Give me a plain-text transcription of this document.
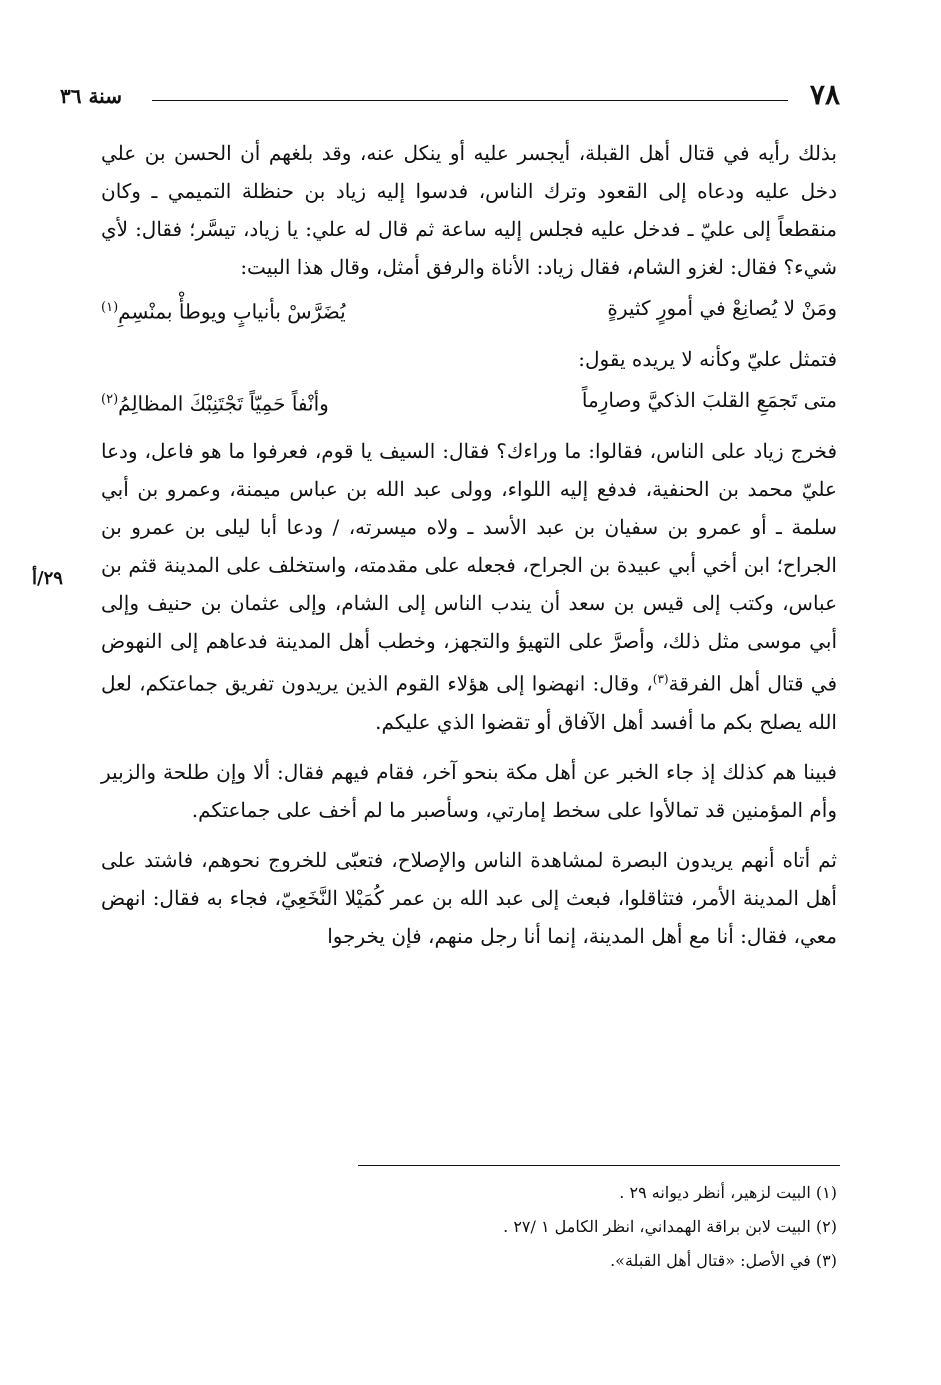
٧٨
سنة ٣٦
٢٩/أ

بذلك رأيه في قتال أهل القبلة، أيجسر عليه أو ينكل عنه، وقد بلغهم أن الحسن بن علي دخل عليه ودعاه إلى القعود وترك الناس، فدسوا إليه زياد بن حنظلة التميمي ـ وكان منقطعاً إلى عليّ ـ فدخل عليه فجلس إليه ساعة ثم قال له علي: يا زياد، تيسَّر؛ فقال: لأي شيء؟ فقال: لغزو الشام، فقال زياد: الأناة والرفق أمثل، وقال هذا البيت:

ومَنْ لا يُصانِعْ في أمورٍ كثيرةٍ
يُضَرَّسْ بأنيابٍ ويوطأْ بمنْسِمِ$^{(١)}$

فتمثل عليّ وكأنه لا يريده يقول:

متى تَجمَعِ القلبَ الذكيَّ وصارِماً
وأنْفاً حَمِيّاً تَجْتَنِبْكَ المظالِمُ$^{(٢)}$

فخرج زياد على الناس، فقالوا: ما وراءك؟ فقال: السيف يا قوم، فعرفوا ما هو فاعل، ودعا عليّ محمد بن الحنفية، فدفع إليه اللواء، وولى عبد الله بن عباس ميمنة، وعمرو بن أبي سلمة ـ أو عمرو بن سفيان بن عبد الأسد ـ ولاه ميسرته، / ودعا أبا ليلى بن عمرو بن الجراح؛ ابن أخي أبي عبيدة بن الجراح، فجعله على مقدمته، واستخلف على المدينة قثم بن عباس، وكتب إلى قيس بن سعد أن يندب الناس إلى الشام، وإلى عثمان بن حنيف وإلى أبي موسى مثل ذلك، وأصرَّ على التهيؤ والتجهز، وخطب أهل المدينة فدعاهم إلى النهوض في قتال أهل الفرقة$^{(٣)}$، وقال: انهضوا إلى هؤلاء القوم الذين يريدون تفريق جماعتكم، لعل الله يصلح بكم ما أفسد أهل الآفاق أو تقضوا الذي عليكم.

فبينا هم كذلك إذ جاء الخبر عن أهل مكة بنحو آخر، فقام فيهم فقال: ألا وإن طلحة والزبير وأم المؤمنين قد تمالأوا على سخط إمارتي، وسأصبر ما لم أخف على جماعتكم.

ثم أتاه أنهم يريدون البصرة لمشاهدة الناس والإصلاح، فتعبّى للخروج نحوهم، فاشتد على أهل المدينة الأمر، فتثاقلوا، فبعث إلى عبد الله بن عمر كُمَيْلا النَّخَعِيّ، فجاء به فقال: انهض معي، فقال: أنا مع أهل المدينة، إنما أنا رجل منهم، فإن يخرجوا

(١) البيت لزهير، أنظر ديوانه ٢٩ .
(٢) البيت لابن براقة الهمداني، انظر الكامل ١ /٢٧ .
(٣) في الأصل: «قتال أهل القبلة».
